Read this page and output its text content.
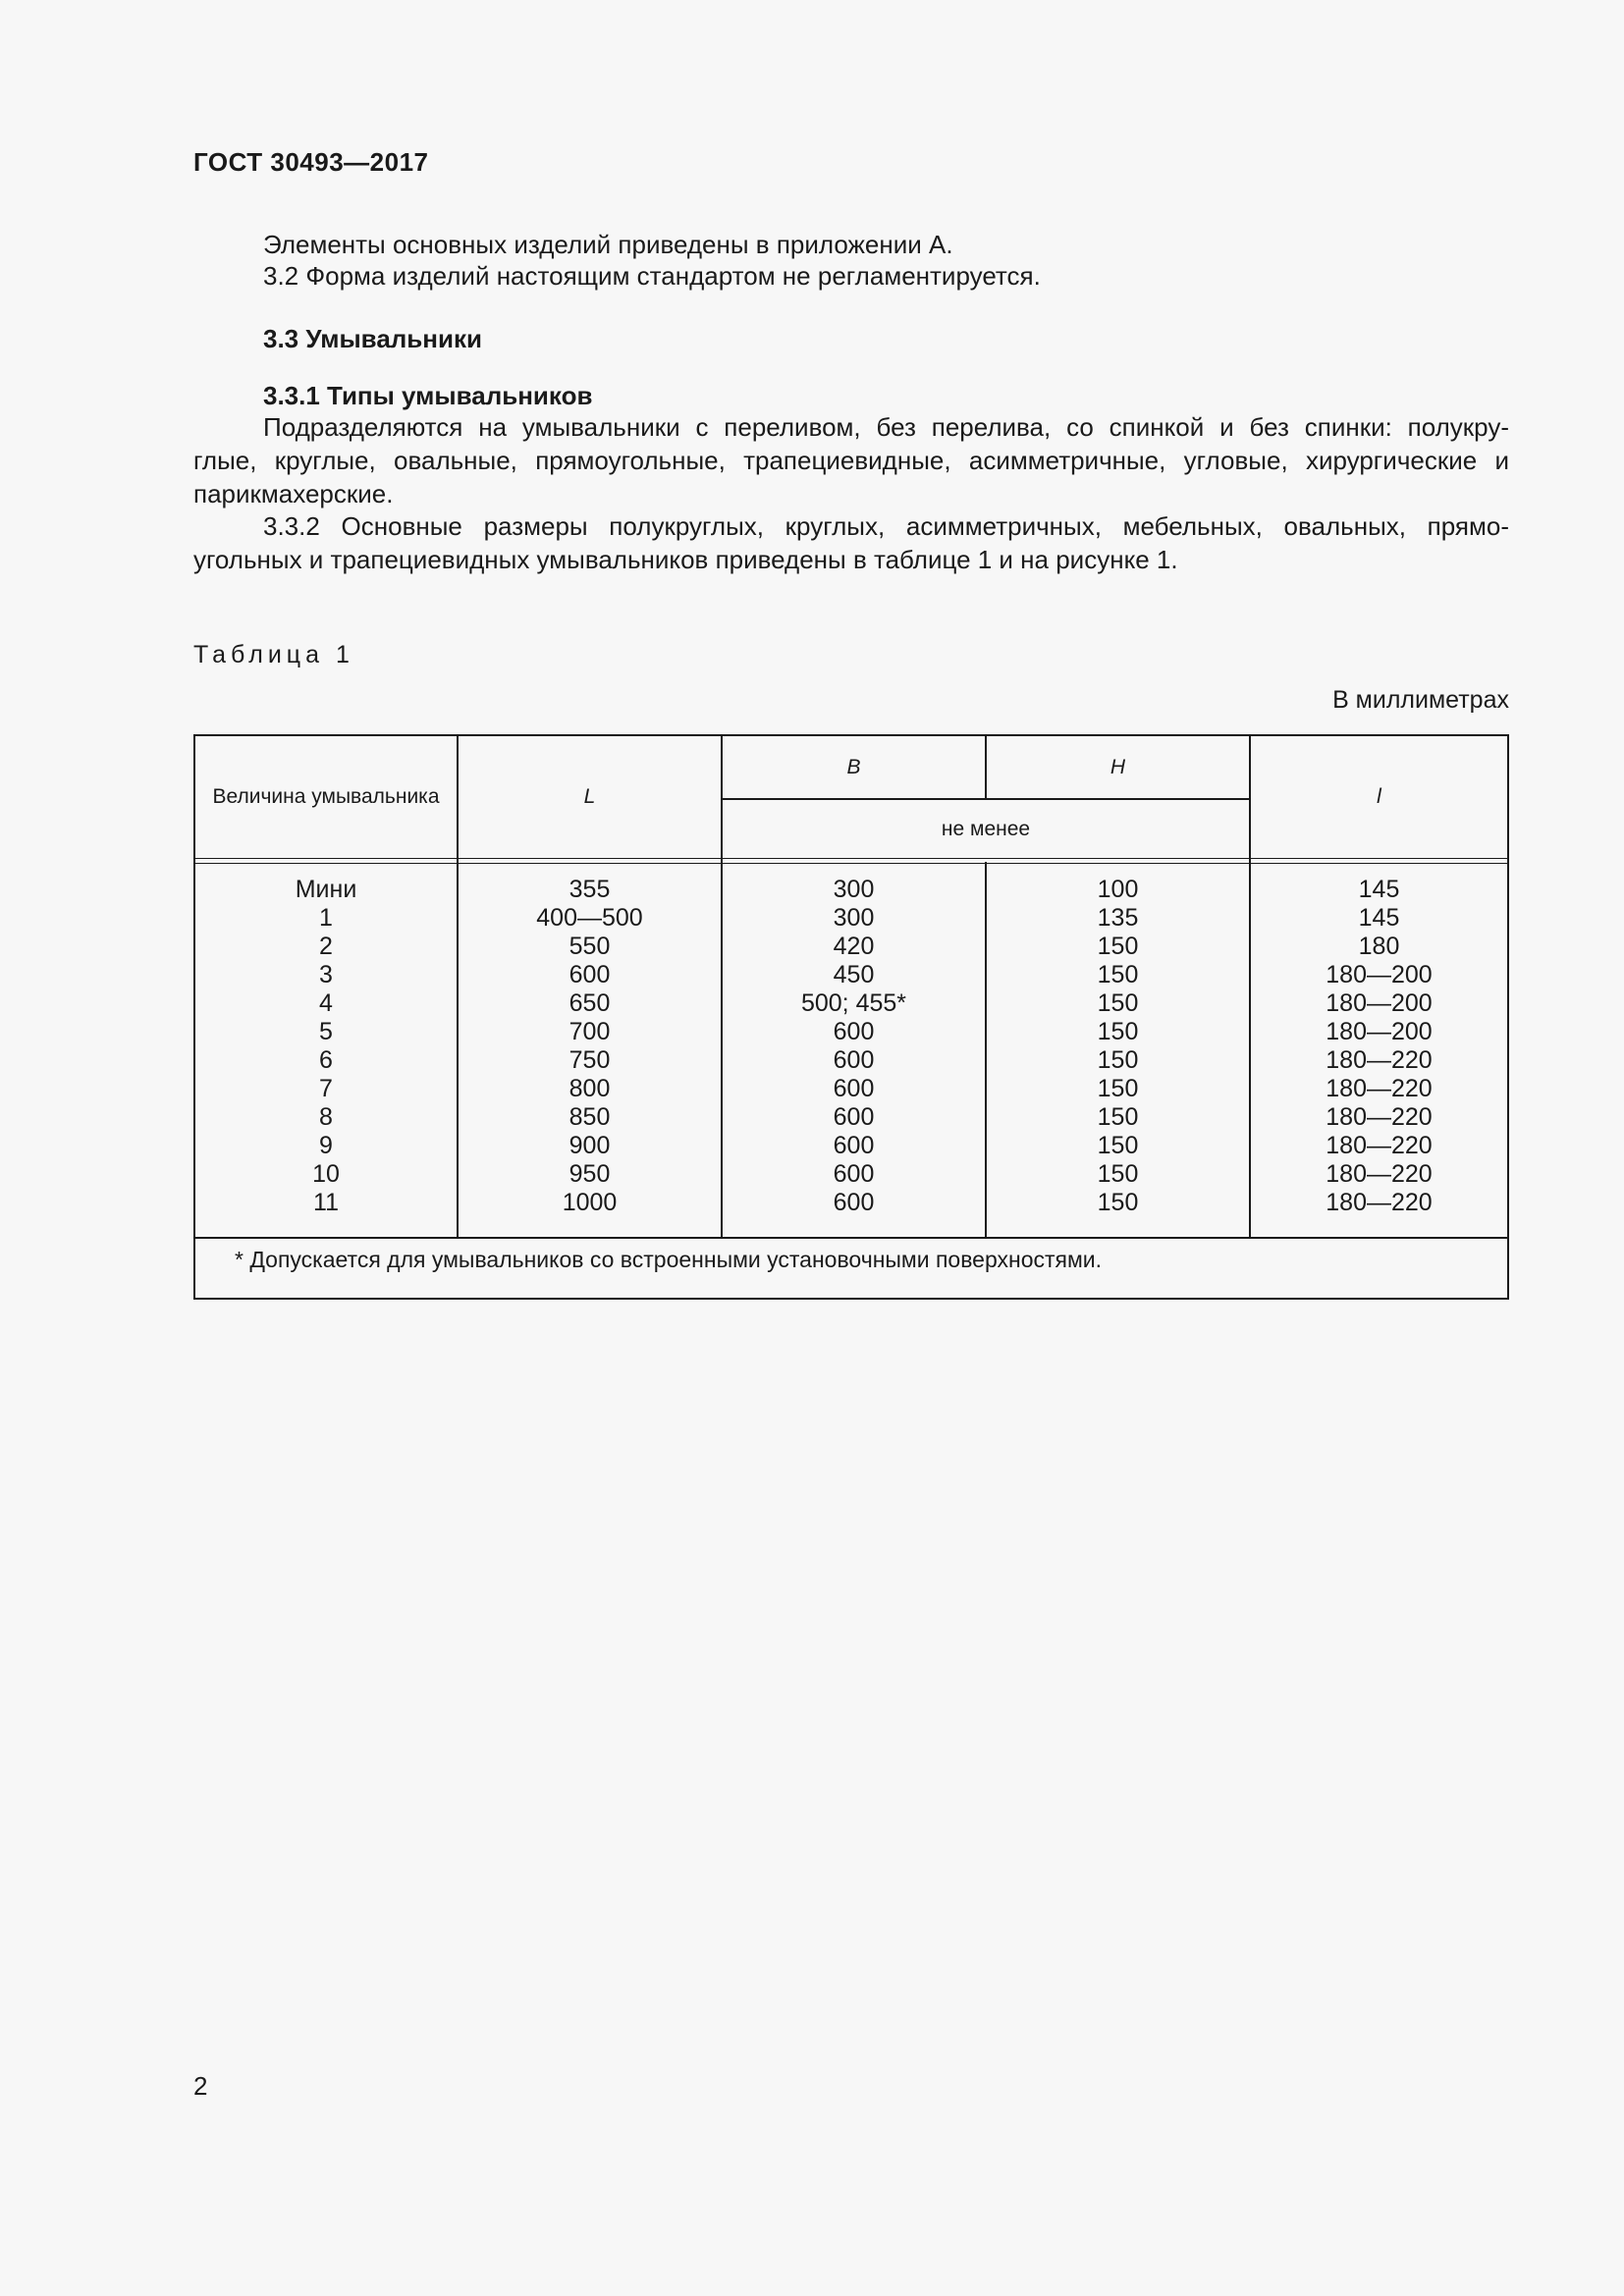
ГОСТ 30493—2017
Элементы основных изделий приведены в приложении А.
3.2 Форма изделий настоящим стандартом не регламентируется.
3.3 Умывальники
3.3.1 Типы умывальников
Подразделяются на умывальники с переливом, без перелива, со спинкой и без спинки: полукру-
глые, круглые, овальные, прямоугольные, трапециевидные, асимметричные, угловые, хирургические и
парикмахерские.
3.3.2 Основные размеры полукруглых, круглых, асимметричных, мебельных, овальных, прямо-
угольных и трапециевидных умывальников приведены в таблице 1 и на рисунке 1.
Таблица 1
В миллиметрах
Величина умывальника	L
B	H
не менее
l
Мини
1
2
3
4
5
6
7
8
9
10
11
355
400—500
550
600
650
700
750
800
850
900
950
1000
300
300
420
450
500; 455*
600
600
600
600
600
600
600
100
135
150
150
150
150
150
150
150
150
150
150
145
145
180
180—200
180—200
180—200
180—220
180—220
180—220
180—220
180—220
180—220
* Допускается для умывальников со встроенными установочными поверхностями.
2
